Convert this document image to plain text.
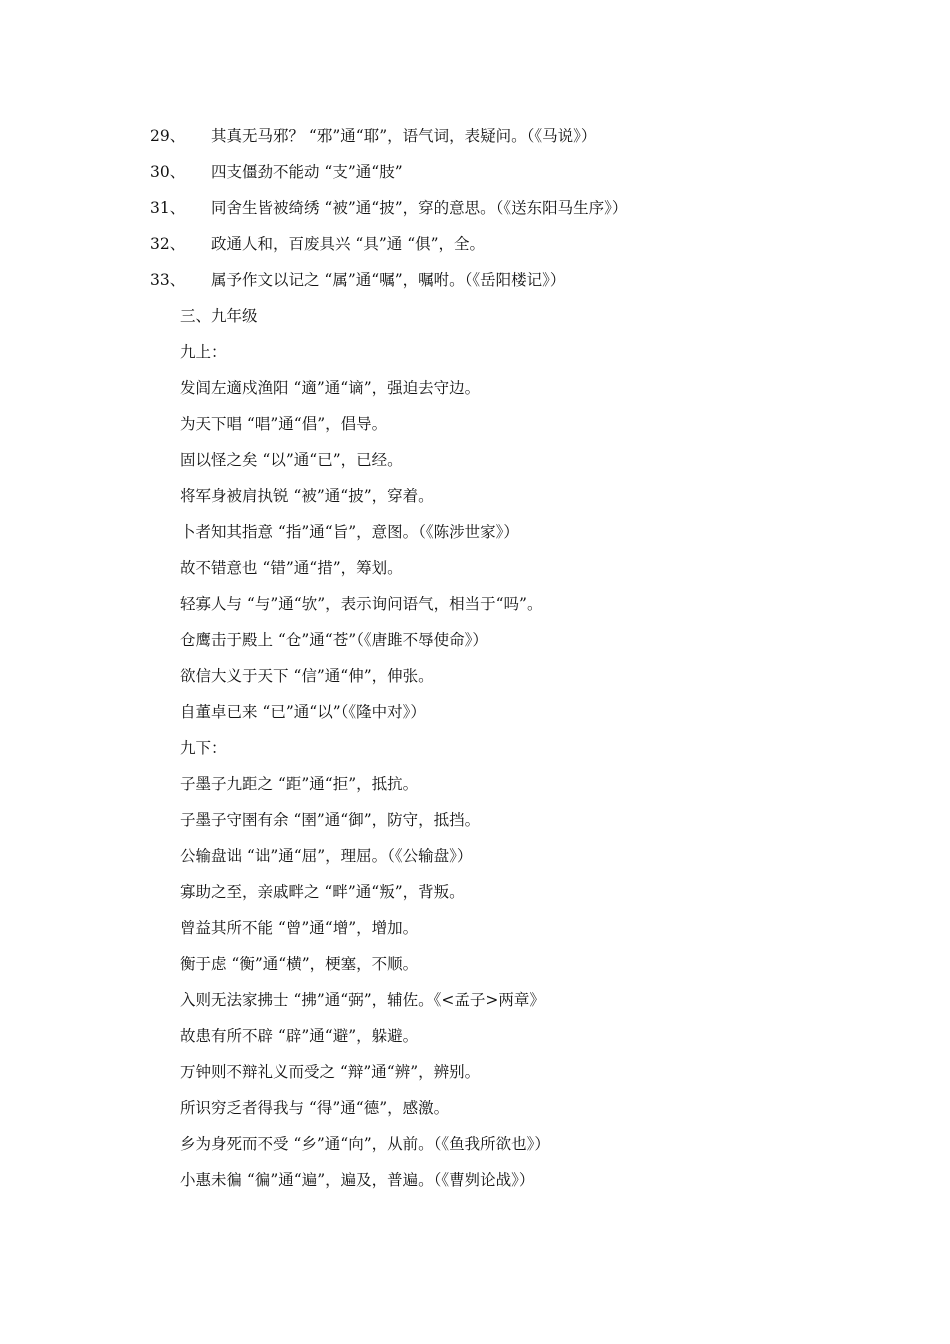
29、 其真无马邪？ “邪”通“耶”，语气词，表疑问。（《马说》）
30、 四支僵劲不能动 “支”通“肢”
31、 同舍生皆被绮绣 “被”通“披”，穿的意思。（《送东阳马生序》）
32、 政通人和，百废具兴 “具”通 “俱”，全。
33、 属予作文以记之 “属”通“嘱”，嘱咐。（《岳阳楼记》）
三、九年级
九上：
发闾左適戍渔阳 “適”通“谪”，强迫去守边。
为天下唱 “唱”通“倡”，倡导。
固以怪之矣 “以”通“已”，已经。
将军身被肩执锐 “被”通“披”，穿着。
卜者知其指意 “指”通“旨”，意图。（《陈涉世家》）
故不错意也 “错”通“措”，筹划。
轻寡人与 “与”通“欤”，表示询问语气，相当于“吗”。
仓鹰击于殿上 “仓”通“苍”（《唐雎不辱使命》）
欲信大义于天下 “信”通“伸”，伸张。
自董卓已来 “已”通“以”（《隆中对》）
九下：
子墨子九距之 “距”通“拒”，抵抗。
子墨子守圉有余 “圉”通“御”，防守，抵挡。
公输盘诎 “诎”通“屈”，理屈。（《公输盘》）
寡助之至，亲戚畔之 “畔”通“叛”，背叛。
曾益其所不能 “曾”通“增”，增加。
衡于虑 “衡”通“横”，梗塞，不顺。
入则无法家拂士 “拂”通“弼”，辅佐。《<孟子>两章》
故患有所不辟 “辟”通“避”，躲避。
万钟则不辩礼义而受之 “辩”通“辨”，辨别。
所识穷乏者得我与 “得”通“德”，感激。
乡为身死而不受 “乡”通“向”，从前。（《鱼我所欲也》）
小惠未徧 “徧”通“遍”，遍及，普遍。（《曹刿论战》）
